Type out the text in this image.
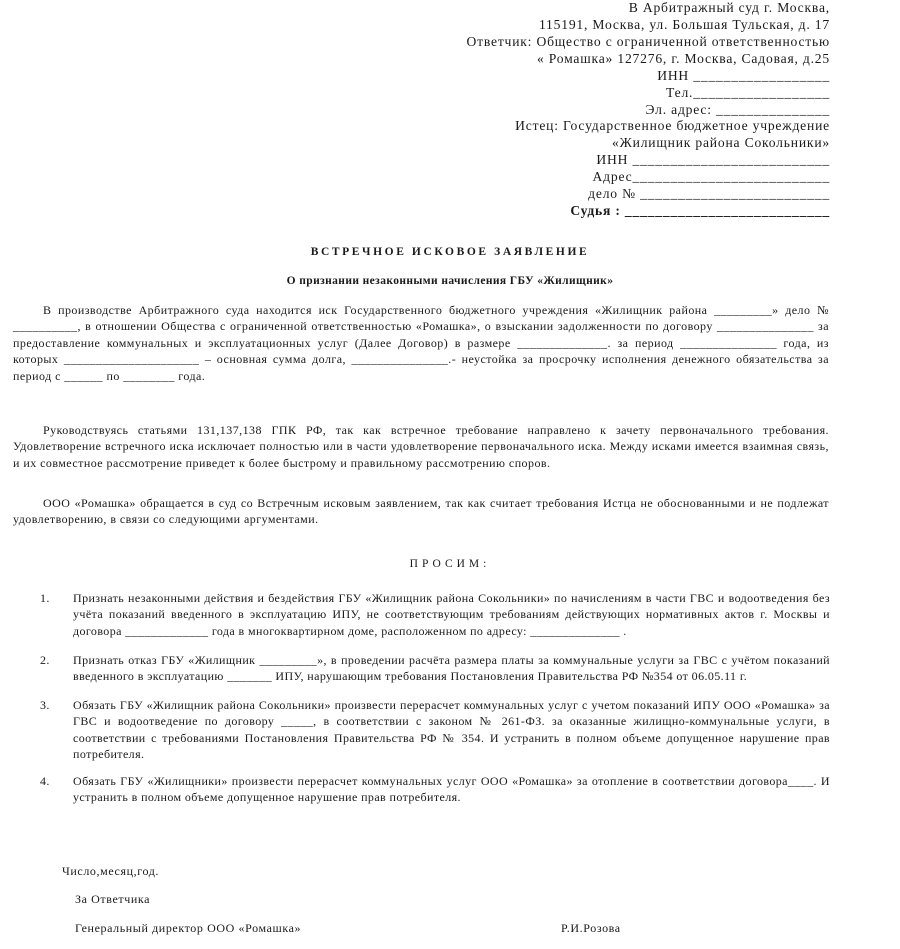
В Арбитражный суд г. Москва,
115191, Москва, ул. Большая Тульская, д. 17
Ответчик: Общество с ограниченной ответственностью
« Ромашка» 127276, г. Москва, Садовая, д.25
ИНН __________________
Тел.__________________
Эл. адрес: _______________
Истец: Государственное бюджетное учреждение
«Жилищник района Сокольники»
ИНН __________________________
Адрес__________________________
дело № _________________________
Судья : ___________________________
ВСТРЕЧНОЕ ИСКОВОЕ ЗАЯВЛЕНИЕ
О признании незаконными начисления ГБУ «Жилищник»
В производстве Арбитражного суда находится иск Государственного бюджетного учреждения «Жилищник района _________» дело № __________, в отношении Общества с ограниченной ответственностью «Ромашка», о взыскании задолженности по договору _______________ за предоставление коммунальных и эксплуатационных услуг (Далее Договор) в размере ______________. за период _______________ года, из которых _____________________ – основная сумма долга, _______________.- неустойка за просрочку исполнения денежного обязательства за период с ______ по ________ года.
Руководствуясь статьями 131,137,138 ГПК РФ, так как встречное требование направлено к зачету первоначального требования. Удовлетворение встречного иска исключает полностью или в части удовлетворение первоначального иска. Между исками имеется взаимная связь, и их совместное рассмотрение приведет к более быстрому и правильному рассмотрению споров.
ООО «Ромашка» обращается в суд со Встречным исковым заявлением, так как считает требования Истца не обоснованными и не подлежат удовлетворению, в связи со следующими аргументами.
ПРОСИМ:
1. Признать незаконными действия и бездействия ГБУ «Жилищник района Сокольники» по начислениям в части ГВС и водоотведения без учёта показаний введенного в эксплуатацию ИПУ, не соответствующим требованиям действующих нормативных актов г. Москвы и договора _____________ года в многоквартирном доме, расположенном по адресу: ______________ .
2. Признать отказ ГБУ «Жилищник _________», в проведении расчёта размера платы за коммунальные услуги за ГВС с учётом показаний введенного в эксплуатацию _______ ИПУ, нарушающим требования Постановления Правительства РФ №354 от 06.05.11 г.
3. Обязать ГБУ «Жилищник района Сокольники» произвести перерасчет коммунальных услуг с учетом показаний ИПУ ООО «Ромашка» за ГВС и водоотведение по договору _____, в соответствии с законом № 261-ФЗ. за оказанные жилищно-коммунальные услуги, в соответствии с требованиями Постановления Правительства РФ № 354. И устранить в полном объеме допущенное нарушение прав потребителя.
4. Обязать ГБУ «Жилищники» произвести перерасчет коммунальных услуг ООО «Ромашка» за отопление в соответствии договора____. И устранить в полном объеме допущенное нарушение прав потребителя.
Число,месяц,год.
За Ответчика
Генеральный директор ООО «Ромашка»	Р.И.Розова
